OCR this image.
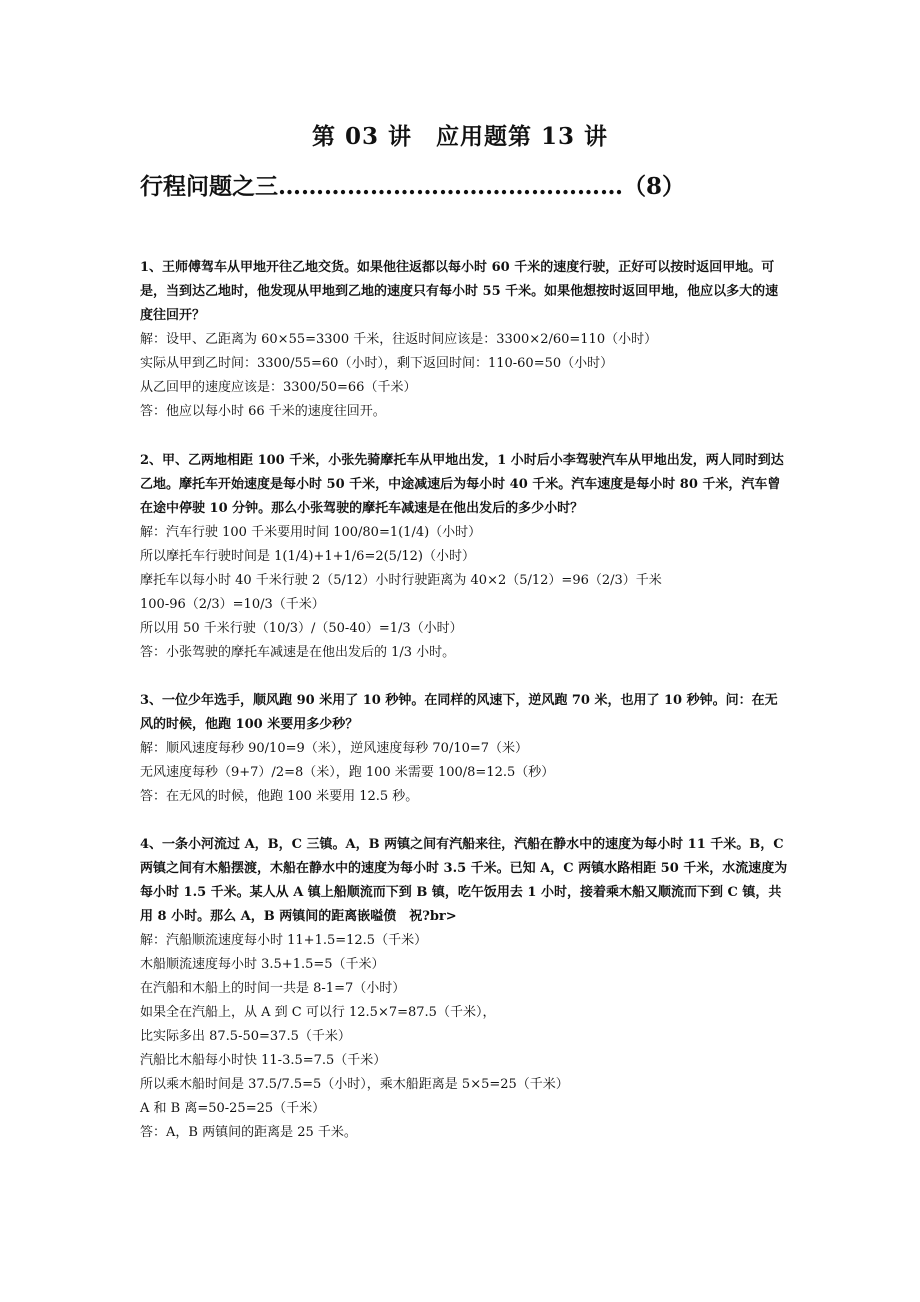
第 03 讲　应用题第 13 讲
行程问题之三………………………………………（8）

1、王师傅驾车从甲地开往乙地交货。如果他往返都以每小时 60 千米的速度行驶，正好可以按时返回甲地。可是，当到达乙地时，他发现从甲地到乙地的速度只有每小时 55 千米。如果他想按时返回甲地，他应以多大的速度往回开？

解：设甲、乙距离为 60×55=3300 千米，往返时间应该是：3300×2/60=110（小时）

实际从甲到乙时间：3300/55=60（小时），剩下返回时间：110-60=50（小时）

从乙回甲的速度应该是：3300/50=66（千米）

答：他应以每小时 66 千米的速度往回开。

2、甲、乙两地相距 100 千米，小张先骑摩托车从甲地出发，1 小时后小李驾驶汽车从甲地出发，两人同时到达乙地。摩托车开始速度是每小时 50 千米，中途减速后为每小时 40 千米。汽车速度是每小时 80 千米，汽车曾在途中停驶 10 分钟。那么小张驾驶的摩托车减速是在他出发后的多少小时？

解：汽车行驶 100 千米要用时间 100/80=1(1/4)（小时）

所以摩托车行驶时间是 1(1/4)+1+1/6=2(5/12)（小时）

摩托车以每小时 40 千米行驶 2（5/12）小时行驶距离为 40×2（5/12）=96（2/3）千米

100-96（2/3）=10/3（千米）

所以用 50 千米行驶（10/3）/（50-40）=1/3（小时）

答：小张驾驶的摩托车减速是在他出发后的 1/3 小时。

3、一位少年选手，顺风跑 90 米用了 10 秒钟。在同样的风速下，逆风跑 70 米，也用了 10 秒钟。问：在无风的时候，他跑 100 米要用多少秒？

解：顺风速度每秒 90/10=9（米），逆风速度每秒 70/10=7（米）

无风速度每秒（9+7）/2=8（米），跑 100 米需要 100/8=12.5（秒）

答：在无风的时候，他跑 100 米要用 12.5 秒。

4、一条小河流过 A，B，C 三镇。A，B 两镇之间有汽船来往，汽船在静水中的速度为每小时 11 千米。B，C 两镇之间有木船摆渡，木船在静水中的速度为每小时 3.5 千米。已知 A，C 两镇水路相距 50 千米，水流速度为每小时 1.5 千米。某人从 A 镇上船顺流而下到 B 镇，吃午饭用去 1 小时，接着乘木船又顺流而下到 C 镇，共用 8 小时。那么 A，B 两镇间的距离嵌嗌偾　祝?br>

解：汽船顺流速度每小时 11+1.5=12.5（千米）

木船顺流速度每小时 3.5+1.5=5（千米）

在汽船和木船上的时间一共是 8-1=7（小时）

如果全在汽船上，从 A 到 C 可以行 12.5×7=87.5（千米），

比实际多出 87.5-50=37.5（千米）

汽船比木船每小时快 11-3.5=7.5（千米）

所以乘木船时间是 37.5/7.5=5（小时），乘木船距离是 5×5=25（千米）

A 和 B 离=50-25=25（千米）

答：A，B 两镇间的距离是 25 千米。
